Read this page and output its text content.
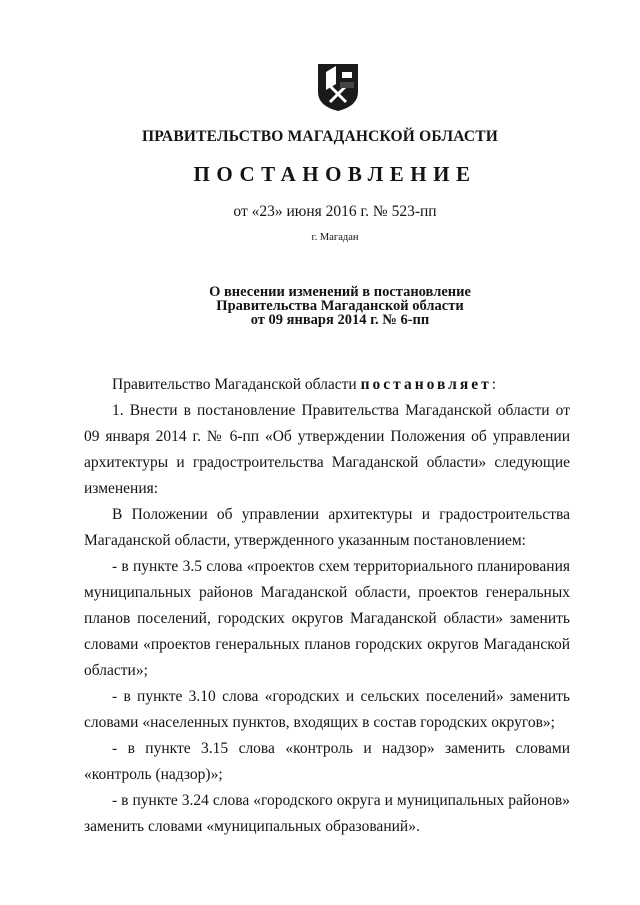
ПРАВИТЕЛЬСТВО МАГАДАНСКОЙ ОБЛАСТИ
ПОСТАНОВЛЕНИЕ
от «23» июня 2016 г. № 523-пп
г. Магадан
О внесении изменений в постановление
Правительства Магаданской области
от 09 января 2014 г. № 6-пп

Правительство Магаданской области постановляет:

1. Внести в постановление Правительства Магаданской области от 09 января 2014 г. № 6-пп «Об утверждении Положения об управлении архитектуры и градостроительства Магаданской области» следующие изменения:

В Положении об управлении архитектуры и градостроительства Магаданской области, утвержденного указанным постановлением:

- в пункте 3.5 слова «проектов схем территориального планирования муниципальных районов Магаданской области, проектов генеральных планов поселений, городских округов Магаданской области» заменить словами «проектов генеральных планов городских округов Магаданской области»;

- в пункте 3.10 слова «городских и сельских поселений» заменить словами «населенных пунктов, входящих в состав городских округов»;

- в пункте 3.15 слова «контроль и надзор» заменить словами «контроль (надзор)»;

- в пункте 3.24 слова «городского округа и муниципальных районов» заменить словами «муниципальных образований».
